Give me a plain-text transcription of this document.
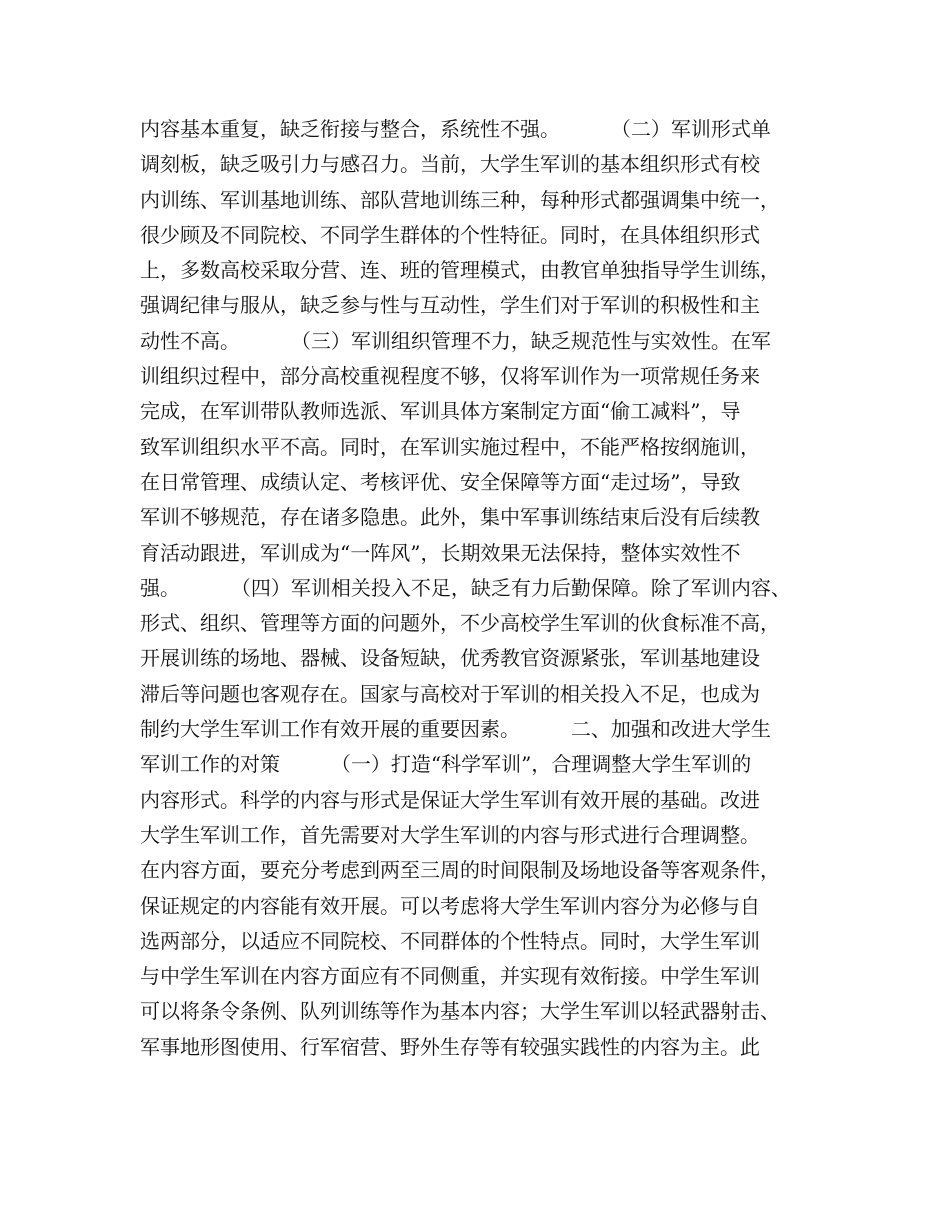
内容基本重复，缺乏衔接与整合，系统性不强。        （二）军训形式单
调刻板，缺乏吸引力与感召力。当前，大学生军训的基本组织形式有校
内训练、军训基地训练、部队营地训练三种，每种形式都强调集中统一，
很少顾及不同院校、不同学生群体的个性特征。同时，在具体组织形式
上，多数高校采取分营、连、班的管理模式，由教官单独指导学生训练，
强调纪律与服从，缺乏参与性与互动性，学生们对于军训的积极性和主
动性不高。        （三）军训组织管理不力，缺乏规范性与实效性。在军
训组织过程中，部分高校重视程度不够，仅将军训作为一项常规任务来
完成，在军训带队教师选派、军训具体方案制定方面“偷工减料”，导
致军训组织水平不高。同时，在军训实施过程中，不能严格按纲施训，
在日常管理、成绩认定、考核评优、安全保障等方面“走过场”，导致
军训不够规范，存在诸多隐患。此外，集中军事训练结束后没有后续教
育活动跟进，军训成为“一阵风”，长期效果无法保持，整体实效性不
强。        （四）军训相关投入不足，缺乏有力后勤保障。除了军训内容、
形式、组织、管理等方面的问题外，不少高校学生军训的伙食标准不高，
开展训练的场地、器械、设备短缺，优秀教官资源紧张，军训基地建设
滞后等问题也客观存在。国家与高校对于军训的相关投入不足，也成为
制约大学生军训工作有效开展的重要因素。        二、加强和改进大学生
军训工作的对策        （一）打造“科学军训”，合理调整大学生军训的
内容形式。科学的内容与形式是保证大学生军训有效开展的基础。改进
大学生军训工作，首先需要对大学生军训的内容与形式进行合理调整。
在内容方面，要充分考虑到两至三周的时间限制及场地设备等客观条件，
保证规定的内容能有效开展。可以考虑将大学生军训内容分为必修与自
选两部分，以适应不同院校、不同群体的个性特点。同时，大学生军训
与中学生军训在内容方面应有不同侧重，并实现有效衔接。中学生军训
可以将条令条例、队列训练等作为基本内容；大学生军训以轻武器射击、
军事地形图使用、行军宿营、野外生存等有较强实践性的内容为主。此
